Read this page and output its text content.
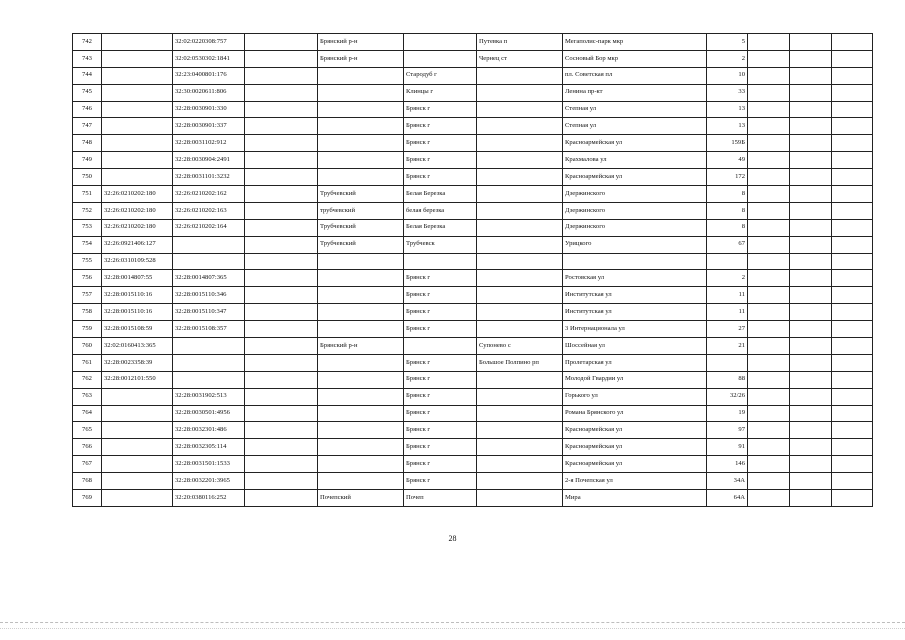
742		32:02:0220308:757		Брянский р-н		Путевка п	Мегаполис-парк мкр	5			
743		32:02:0530302:1841		Брянский р-н		Чернец ст	Сосновый Бор мкр	2			
744		32:23:0400801:176			Стародуб г		пл. Советская пл	10			
745		32:30:0020611:806			Клинцы г		Ленина пр-кт	33			
746		32:28:0030901:330			Брянск г		Степная ул	13			
747		32:28:0030901:337			Брянск г		Степная ул	13			
748		32:28:0031102:912			Брянск г		Красноармейская ул	159Б			
749		32:28:0030904:2491			Брянск г		Крахмалова ул	49			
750		32:28:0031101:3232			Брянск г		Красноармейская ул	172			
751	32:26:0210202:180	32:26:0210202:162		Трубчевский	Белая Березка		Дзержинского	8			
752	32:26:0210202:180	32:26:0210202:163		трубчевский	белая березка		Дзержинского	8			
753	32:26:0210202:180	32:26:0210202:164		Трубчевский	Белая Березка		Дзержинского	8			
754	32:26:0921406:127			Трубчевский	Трубчевск		Урицкого	67			
755	32:26:0310109:528										
756	32:28:0014807:55	32:28:0014807:365			Брянск г		Ростовская ул	2			
757	32:28:0015110:16	32:28:0015110:346			Брянск г		Институтская ул	11			
758	32:28:0015110:16	32:28:0015110:347			Брянск г		Институтская ул	11			
759	32:28:0015108:59	32:28:0015108:357			Брянск г		3 Интернационала ул	27			
760	32:02:0160413:365			Брянский р-н		Супонево с	Шоссейная ул	21			
761	32:28:0023358:39				Брянск г	Большое Полпино рп	Пролетарская ул				
762	32:28:0012101:550				Брянск г		Молодой Гвардии ул	88			
763		32:28:0031902:513			Брянск г		Горького ул	32/26			
764		32:28:0030501:4956			Брянск г		Романа Брянского ул	19			
765		32:28:0032301:486			Брянск г		Красноармейская ул	97			
766		32:28:0032305:114			Брянск г		Красноармейская ул	91			
767		32:28:0031501:1533			Брянск г		Красноармейская ул	146			
768		32:28:0032201:3965			Брянск г		2-я Почепская ул	34А			
769		32:20:0380116:252		Почепский	Почеп		Мира	64А			
28
